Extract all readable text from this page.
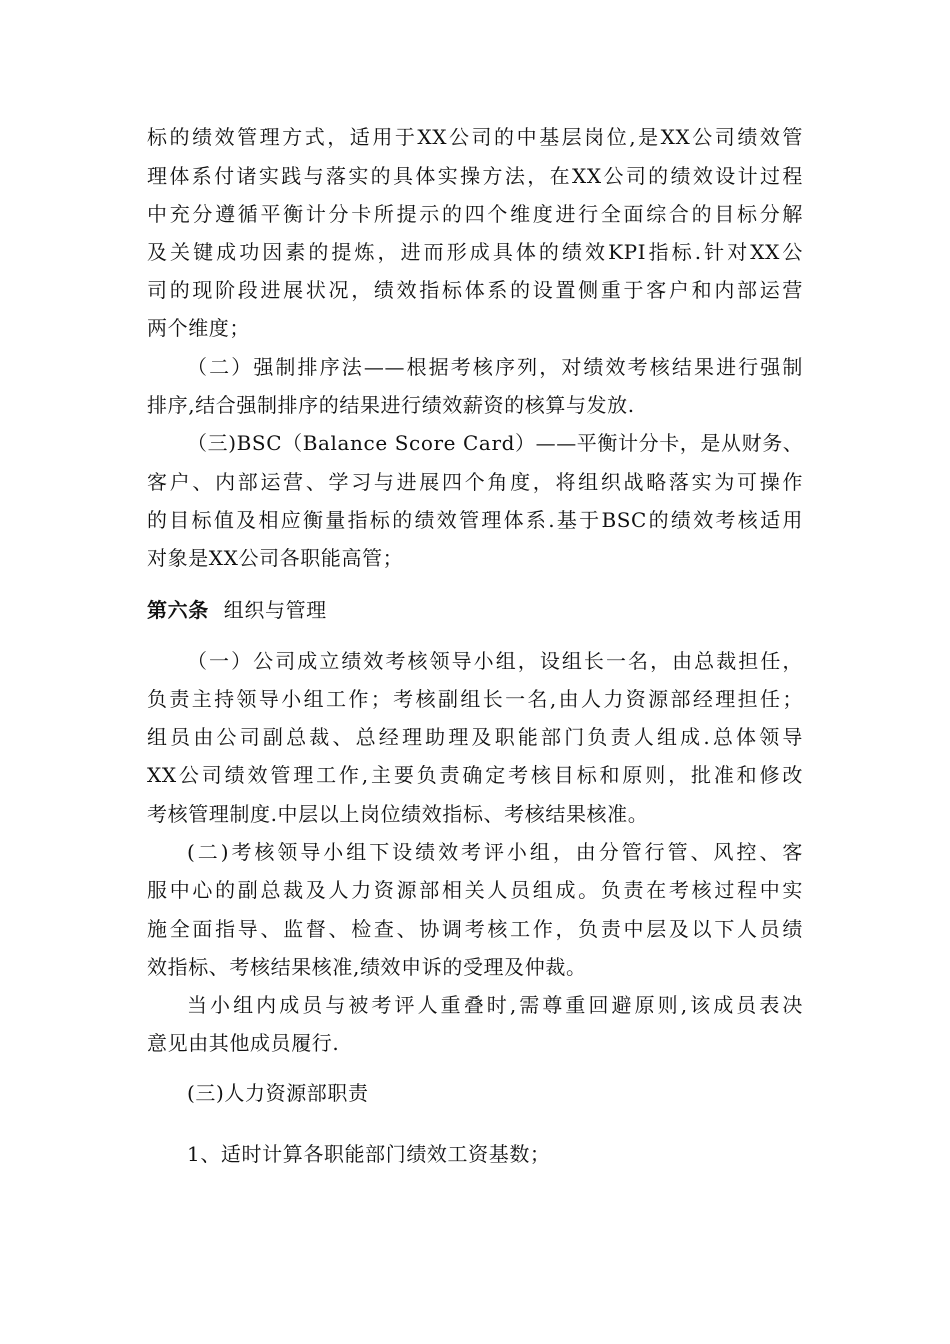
标的绩效管理方式，适用于XX公司的中基层岗位,是XX公司绩效管
理体系付诸实践与落实的具体实操方法，在XX公司的绩效设计过程
中充分遵循平衡计分卡所提示的四个维度进行全面综合的目标分解
及关键成功因素的提炼，进而形成具体的绩效KPI指标.针对XX公
司的现阶段进展状况，绩效指标体系的设置侧重于客户和内部运营
两个维度；
（二）强制排序法——根据考核序列，对绩效考核结果进行强制
排序,结合强制排序的结果进行绩效薪资的核算与发放.
（三)BSC（Balance Score Card）——平衡计分卡，是从财务、
客户、内部运营、学习与进展四个角度，将组织战略落实为可操作
的目标值及相应衡量指标的绩效管理体系.基于BSC的绩效考核适用
对象是XX公司各职能高管；
第六条 组织与管理
（一）公司成立绩效考核领导小组，设组长一名，由总裁担任，
负责主持领导小组工作；考核副组长一名,由人力资源部经理担任；
组员由公司副总裁、总经理助理及职能部门负责人组成.总体领导
XX公司绩效管理工作,主要负责确定考核目标和原则，批准和修改
考核管理制度.中层以上岗位绩效指标、考核结果核准。
(二)考核领导小组下设绩效考评小组，由分管行管、风控、客
服中心的副总裁及人力资源部相关人员组成。负责在考核过程中实
施全面指导、监督、检查、协调考核工作，负责中层及以下人员绩
效指标、考核结果核准,绩效申诉的受理及仲裁。
当小组内成员与被考评人重叠时,需尊重回避原则,该成员表决
意见由其他成员履行.
(三)人力资源部职责
1、适时计算各职能部门绩效工资基数；
